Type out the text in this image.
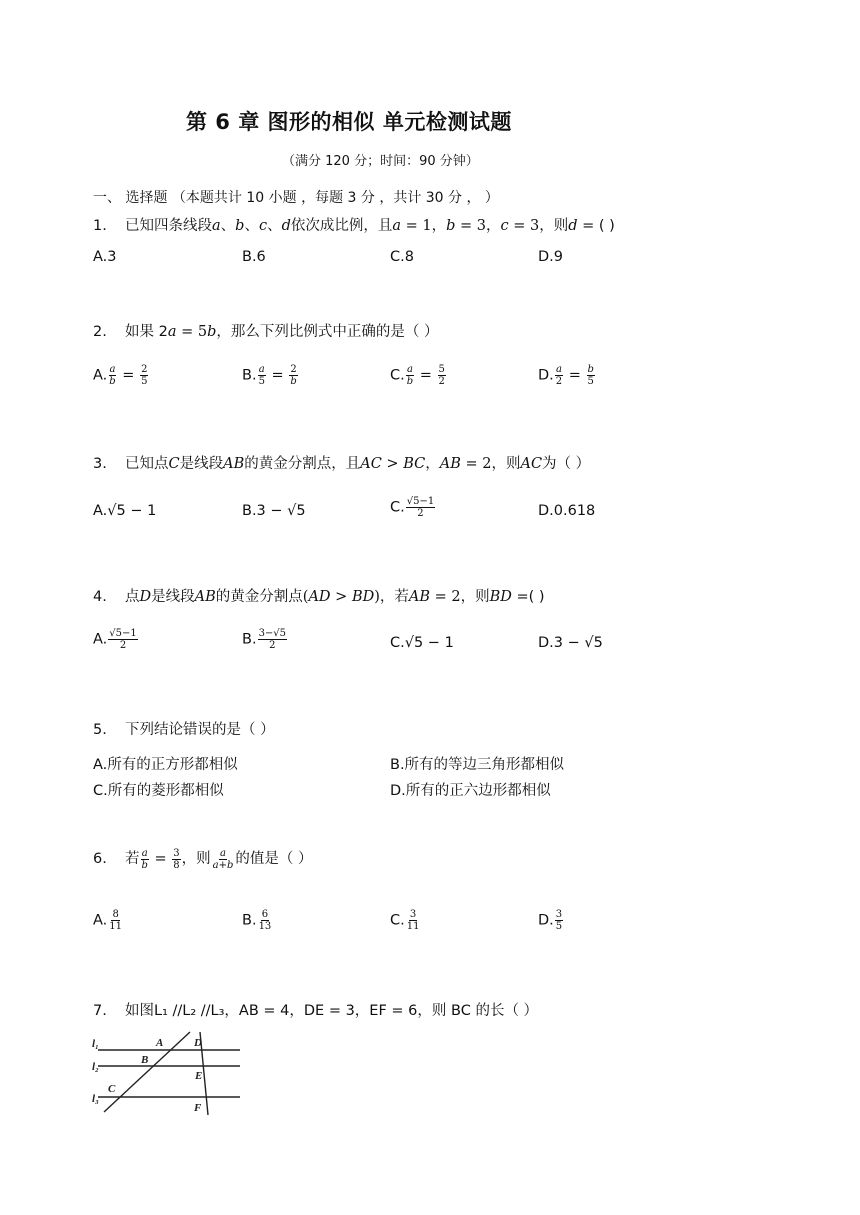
第 6 章 图形的相似 单元检测试题
（满分 120 分；时间：90 分钟）
一、 选择题 （本题共计 10 小题 ，每题 3 分 ，共计 30 分 ， ）
1. 已知四条线段a、b、c、d依次成比例，且a = 1，b = 3，c = 3，则d = ( )
A.3	B.6	C.8	D.9
2. 如果 2a = 5b，那么下列比例式中正确的是（ ）
A. $\frac{a}{b} = \frac{2}{5}$	B. $\frac{a}{5} = \frac{2}{b}$	C. $\frac{a}{b} = \frac{5}{2}$	D. $\frac{a}{2} = \frac{b}{5}$
3. 已知点C是线段AB的黄金分割点，且AC > BC，AB = 2，则AC为（ ）
A.√5 − 1	B.3 − √5	C. $\frac{√5-1}{2}$	D.0.618
4. 点D是线段AB的黄金分割点(AD > BD)，若AB = 2，则BD =( )
A. $\frac{√5-1}{2}$	B. $\frac{3-√5}{2}$	C.√5 − 1	D.3 − √5
5. 下列结论错误的是（ ）
A.所有的正方形都相似	B.所有的等边三角形都相似
C.所有的菱形都相似	D.所有的正六边形都相似
6. 若 $\frac{a}{b} = \frac{3}{8}$ ，则 $\frac{a}{a+b}$ 的值是（ ）
A. $\frac{8}{11}$	B. $\frac{6}{13}$	C. $\frac{3}{11}$	D. $\frac{3}{5}$
7. 如图L₁ //L₂ //L₃，AB = 4，DE = 3，EF = 6，则 BC 的长（ ）
l₁
l₂
l₃
A
B
C
D
E
F
